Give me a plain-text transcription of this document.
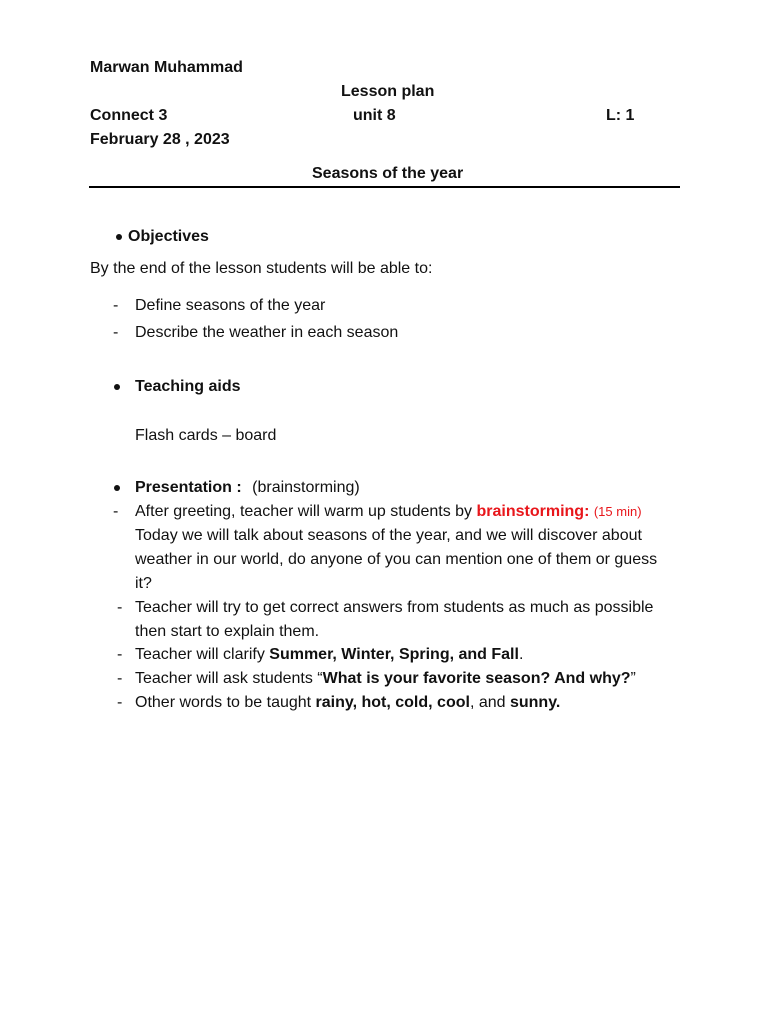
Marwan Muhammad
Lesson plan
Connect 3	unit 8	L: 1
February 28 , 2023
Seasons of the year
Objectives
By the end of the lesson students will be able to:
- Define seasons of the year
- Describe the weather in each season
Teaching aids
Flash cards – board
Presentation : (brainstorming)
- After greeting, teacher will warm up students by brainstorming: (15 min)
Today we will talk about seasons of the year, and we will discover about
weather in our world, do anyone of you can mention one of them or guess
it?
- Teacher will try to get correct answers from students as much as possible
then start to explain them.
- Teacher will clarify Summer, Winter, Spring, and Fall.
- Teacher will ask students “What is your favorite season? And why?”
- Other words to be taught rainy, hot, cold, cool, and sunny.
